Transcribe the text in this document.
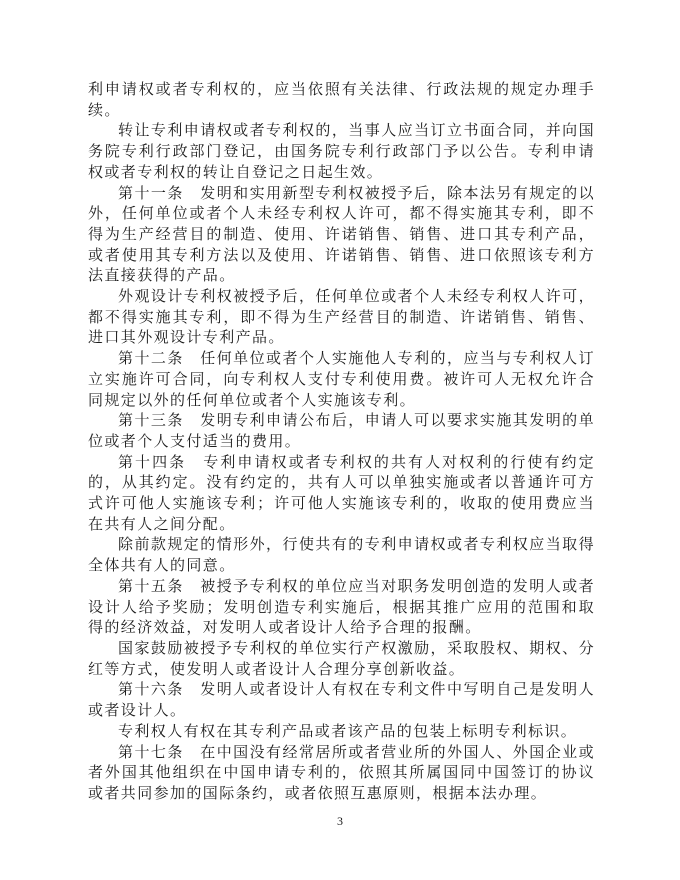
利申请权或者专利权的，应当依照有关法律、行政法规的规定办理手续。

转让专利申请权或者专利权的，当事人应当订立书面合同，并向国务院专利行政部门登记，由国务院专利行政部门予以公告。专利申请权或者专利权的转让自登记之日起生效。

第十一条　发明和实用新型专利权被授予后，除本法另有规定的以外，任何单位或者个人未经专利权人许可，都不得实施其专利，即不得为生产经营目的制造、使用、许诺销售、销售、进口其专利产品，或者使用其专利方法以及使用、许诺销售、销售、进口依照该专利方法直接获得的产品。

外观设计专利权被授予后，任何单位或者个人未经专利权人许可，都不得实施其专利，即不得为生产经营目的制造、许诺销售、销售、进口其外观设计专利产品。

第十二条　任何单位或者个人实施他人专利的，应当与专利权人订立实施许可合同，向专利权人支付专利使用费。被许可人无权允许合同规定以外的任何单位或者个人实施该专利。

第十三条　发明专利申请公布后，申请人可以要求实施其发明的单位或者个人支付适当的费用。

第十四条　专利申请权或者专利权的共有人对权利的行使有约定的，从其约定。没有约定的，共有人可以单独实施或者以普通许可方式许可他人实施该专利；许可他人实施该专利的，收取的使用费应当在共有人之间分配。

除前款规定的情形外，行使共有的专利申请权或者专利权应当取得全体共有人的同意。

第十五条　被授予专利权的单位应当对职务发明创造的发明人或者设计人给予奖励；发明创造专利实施后，根据其推广应用的范围和取得的经济效益，对发明人或者设计人给予合理的报酬。

国家鼓励被授予专利权的单位实行产权激励，采取股权、期权、分红等方式，使发明人或者设计人合理分享创新收益。

第十六条　发明人或者设计人有权在专利文件中写明自己是发明人或者设计人。

专利权人有权在其专利产品或者该产品的包装上标明专利标识。

第十七条　在中国没有经常居所或者营业所的外国人、外国企业或者外国其他组织在中国申请专利的，依照其所属国同中国签订的协议或者共同参加的国际条约，或者依照互惠原则，根据本法办理。

3
